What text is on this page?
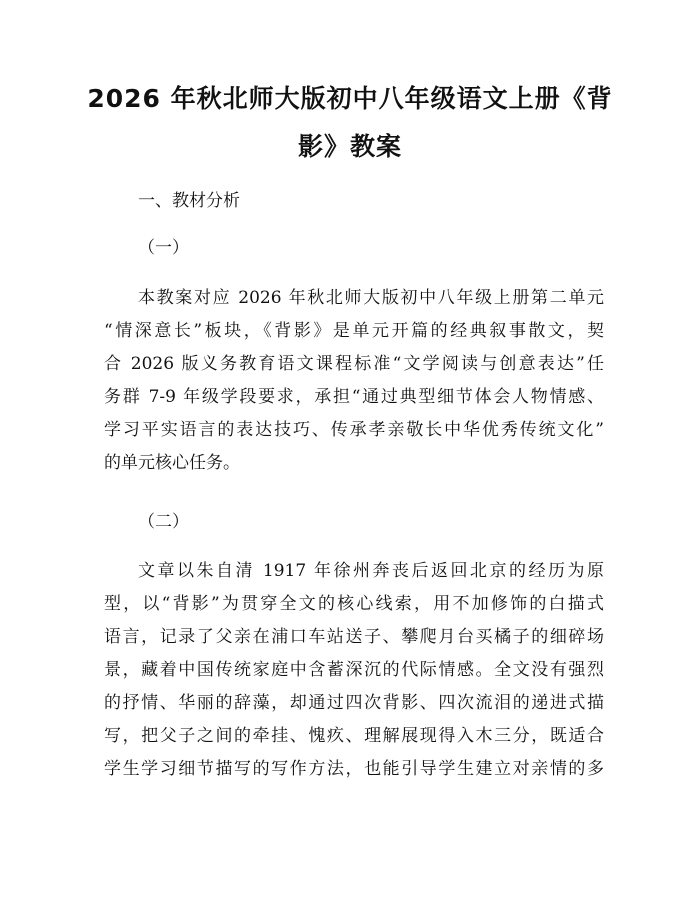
2026 年秋北师大版初中八年级语文上册《背
影》教案
一、教材分析
（一）
本教案对应 2026 年秋北师大版初中八年级上册第二单元
“情深意长”板块，《背影》是单元开篇的经典叙事散文，契
合 2026 版义务教育语文课程标准“文学阅读与创意表达”任
务群 7-9 年级学段要求，承担“通过典型细节体会人物情感、
学习平实语言的表达技巧、传承孝亲敬长中华优秀传统文化”
的单元核心任务。
（二）
文章以朱自清 1917 年徐州奔丧后返回北京的经历为原
型，以“背影”为贯穿全文的核心线索，用不加修饰的白描式
语言，记录了父亲在浦口车站送子、攀爬月台买橘子的细碎场
景，藏着中国传统家庭中含蓄深沉的代际情感。全文没有强烈
的抒情、华丽的辞藻，却通过四次背影、四次流泪的递进式描
写，把父子之间的牵挂、愧疚、理解展现得入木三分，既适合
学生学习细节描写的写作方法，也能引导学生建立对亲情的多
